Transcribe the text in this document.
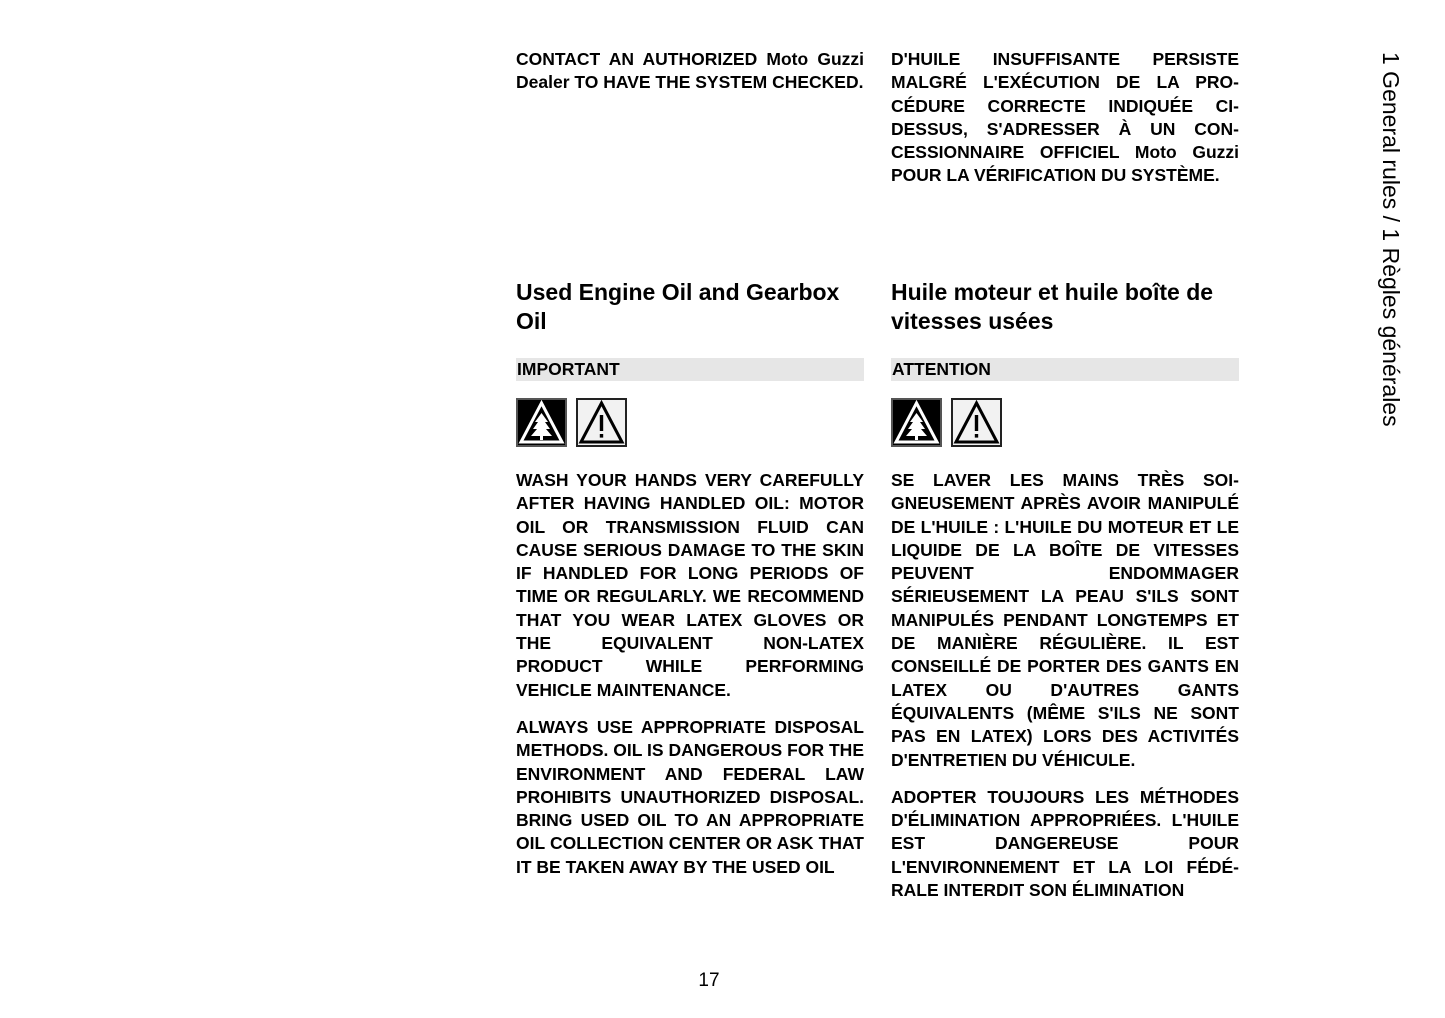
CONTACT AN AUTHORIZED Moto Guzzi Dealer TO HAVE THE SYSTEM CHECKED.

Used Engine Oil and Gearbox Oil
IMPORTANT

WASH YOUR HANDS VERY CAREFULLY AFTER HAVING HANDLED OIL: MOTOR OIL OR TRANSMISSION FLUID CAN CAUSE SERIOUS DAMAGE TO THE SKIN IF HANDLED FOR LONG PERIODS OF TIME OR REGULARLY. WE RECOMMEND THAT YOU WEAR LATEX GLOVES OR THE EQUIVALENT NON-LATEX PRODUCT WHILE PERFORMING VEHICLE MAINTENANCE.

ALWAYS USE APPROPRIATE DISPOSAL METHODS. OIL IS DANGEROUS FOR THE ENVIRONMENT AND FEDERAL LAW PROHIBITS UNAUTHORIZED DISPOSAL. BRING USED OIL TO AN APPROPRIATE OIL COLLECTION CENTER OR ASK THAT IT BE TAKEN AWAY BY THE USED OIL

D'HUILE INSUFFISANTE PERSISTE MALGRÉ L'EXÉCUTION DE LA PROCÉDURE CORRECTE INDIQUÉE CIDESSUS, S'ADRESSER À UN CONCESSIONNAIRE OFFICIEL Moto Guzzi POUR LA VÉRIFICATION DU SYSTÈME.

Huile moteur et huile boîte de vitesses usées
ATTENTION

SE LAVER LES MAINS TRÈS SOIGNEUSEMENT APRÈS AVOIR MANIPULÉ DE L'HUILE : L'HUILE DU MOTEUR ET LE LIQUIDE DE LA BOÎTE DE VITESSES PEUVENT ENDOMMAGER SÉRIEUSEMENT LA PEAU S'ILS SONT MANIPULÉS PENDANT LONGTEMPS ET DE MANIÈRE RÉGULIÈRE. IL EST CONSEILLÉ DE PORTER DES GANTS EN LATEX OU D'AUTRES GANTS ÉQUIVALENTS (MÊME S'ILS NE SONT PAS EN LATEX) LORS DES ACTIVITÉS D'ENTRETIEN DU VÉHICULE.

ADOPTER TOUJOURS LES MÉTHODES D'ÉLIMINATION APPROPRIÉES. L'HUILE EST DANGEREUSE POUR L'ENVIRONNEMENT ET LA LOI FÉDÉRALE INTERDIT SON ÉLIMINATION

1 General rules / 1 Règles générales
17
